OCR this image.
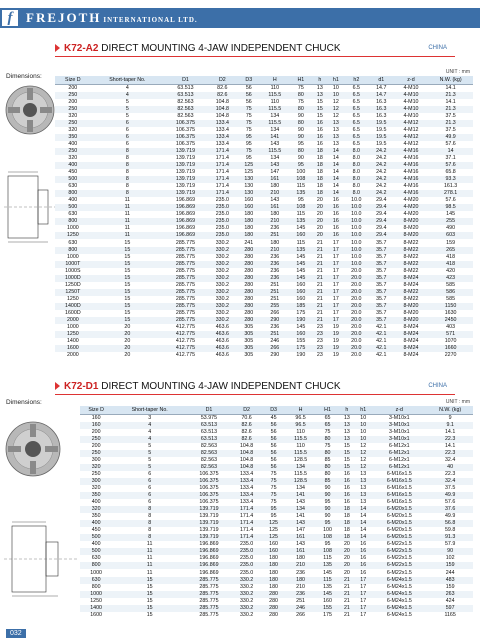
f	FREJOTH INTERNATIONAL LTD.
K72-A2 DIRECT MOUNTING 4-JAW INDEPENDENT CHUCK	CHINA
Dimensions:
UNIT : mm
Size D	Short-taper No.	D1	D2	D3	H	H1	h	h1	h2	d1	z-d	N.W. (kg)
200	4	63.513	82.6	56	110	75	13	10	6.5	14.7	4-M10	14.1
250	4	63.513	82.6	56	115.5	80	13	10	6.5	14.7	4-M10	21.3
200	5	82.563	104.8	56	110	75	15	12	6.5	16.3	4-M10	14.1
250	5	82.563	104.8	75	115.5	80	15	12	6.5	16.3	4-M10	21.3
320	5	82.563	104.8	75	134	90	15	12	6.5	16.3	4-M10	37.5
250	6	106.375	133.4	75	115.5	80	16	13	6.5	19.5	4-M12	21.3
320	6	106.375	133.4	75	134	90	16	13	6.5	19.5	4-M12	37.5
350	6	106.375	133.4	95	141	90	16	13	6.5	19.5	4-M12	49.9
400	6	106.375	133.4	95	143	95	16	13	6.5	19.5	4-M12	57.6
250	8	139.719	171.4	75	115.5	80	18	14	8.0	24.2	4-M16	14
320	8	139.719	171.4	95	134	90	18	14	8.0	24.2	4-M16	37.1
400	8	139.719	171.4	125	143	95	18	14	8.0	24.2	4-M16	57.6
450	8	139.719	171.4	125	147	100	18	14	8.0	24.2	4-M16	65.8
500	8	139.719	171.4	130	161	108	18	14	8.0	24.2	4-M16	93.3
630	8	139.719	171.4	130	180	115	18	14	8.0	24.2	4-M16	161.3
800	8	139.719	171.4	130	210	135	18	14	8.0	24.2	4-M16	278.1
400	11	196.869	235.0	160	143	95	20	16	10.0	29.4	4-M20	57.6
500	11	196.869	235.0	160	161	108	20	16	10.0	29.4	4-M20	98.5
630	11	196.869	235.0	180	180	115	20	16	10.0	29.4	4-M20	145
800	11	196.869	235.0	180	210	135	20	16	10.0	29.4	8-M20	255
1000	11	196.869	235.0	180	236	145	20	16	10.0	29.4	8-M20	490
1250	11	196.869	235.0	180	251	160	20	16	10.0	29.4	8-M20	603
630	15	285.775	330.2	241	180	115	21	17	10.0	35.7	8-M22	159
800	15	285.775	330.2	280	210	135	21	17	10.0	35.7	8-M22	265
1000	15	285.775	330.2	280	236	145	21	17	10.0	35.7	8-M22	418
1000T	15	285.775	330.2	280	236	145	21	17	10.0	35.7	8-M22	418
1000S	15	285.775	330.2	280	236	145	21	17	20.0	35.7	8-M22	420
1000D	15	285.775	330.2	280	236	145	21	17	20.0	35.7	8-M24	423
1250D	15	285.775	330.2	280	251	160	21	17	20.0	35.7	8-M24	585
1250T	15	285.775	330.2	280	251	160	21	17	20.0	35.7	8-M22	586
1250	15	285.775	330.2	280	251	160	21	17	20.0	35.7	8-M22	585
1400D	15	285.775	330.2	280	255	185	21	17	20.0	35.7	8-M20	1150
1600D	15	285.775	330.2	280	266	175	21	17	20.0	35.7	8-M20	1630
2000	15	285.775	330.2	280	290	190	21	17	20.0	35.7	8-M20	2450
1000	20	412.775	463.6	305	236	145	23	19	20.0	42.1	8-M24	403
1250	20	412.775	463.6	305	251	160	23	19	20.0	42.1	8-M24	571
1400	20	412.775	463.6	305	246	155	23	19	20.0	42.1	8-M24	1070
1600	20	412.775	463.6	305	266	175	23	19	20.0	42.1	8-M24	1660
2000	20	412.775	463.6	305	290	190	23	19	20.0	42.1	8-M24	2270
K72-D1 DIRECT MOUNTING 4-JAW INDEPENDENT CHUCK	CHINA
Dimensions:	UNIT : mm
Size D	Short-taper No.	D1	D2	D3	H	H1	h	h1	z-d	N.W. (kg)
160	3	53.975	70.6	45	96.5	65	13	10	3-M10x1	9
160	4	63.513	82.6	56	96.5	65	13	10	3-M10x1	9.1
200	4	63.513	82.6	56	110	75	13	10	3-M10x1	14.1
250	4	63.513	82.6	56	115.5	80	13	10	3-M10x1	22.3
200	5	82.563	104.8	56	110	75	15	12	6-M12x1	14.1
250	5	82.563	104.8	56	115.5	80	15	12	6-M12x1	22.3
300	5	82.563	104.8	56	128.5	85	15	12	6-M12x1	32.4
320	5	82.563	104.8	56	134	80	15	12	6-M12x1	40
250	6	106.375	133.4	75	115.5	80	16	13	6-M16x1.5	22.3
300	6	106.375	133.4	75	128.5	85	16	13	6-M16x1.5	32.4
320	6	106.375	133.4	75	134	90	16	13	6-M16x1.5	37.5
350	6	106.375	133.4	75	141	90	16	13	6-M16x1.5	49.9
400	6	106.375	133.4	75	143	95	16	13	6-M16x1.5	57.6
320	8	139.719	171.4	95	134	90	18	14	6-M20x1.5	37.6
350	8	139.719	171.4	95	141	90	18	14	6-M20x1.5	49.9
400	8	139.719	171.4	125	143	95	18	14	6-M20x1.5	56.8
450	8	139.719	171.4	125	147	100	18	14	6-M20x1.5	59.8
500	8	139.719	171.4	125	161	108	18	14	6-M20x1.5	91.3
400	11	196.869	235.0	160	143	95	20	16	6-M22x1.5	57.9
500	11	196.869	235.0	160	161	108	20	16	6-M22x1.5	90
630	11	196.869	235.0	180	180	115	20	16	6-M22x1.5	102
800	11	196.869	235.0	180	210	135	20	16	6-M22x1.5	159
1000	11	196.869	235.0	180	236	145	20	16	6-M22x1.5	244
630	15	285.775	330.2	180	180	115	21	17	6-M24x1.5	483
800	15	285.775	330.2	180	210	135	21	17	6-M24x1.5	159
1000	15	285.775	330.2	280	236	145	21	17	6-M24x1.5	263
1250	15	285.775	330.2	280	251	160	21	17	6-M24x1.5	424
1400	15	285.775	330.2	280	246	155	21	17	6-M24x1.5	597
1600	15	285.775	330.2	280	266	175	21	17	6-M24x1.5	1165
032
